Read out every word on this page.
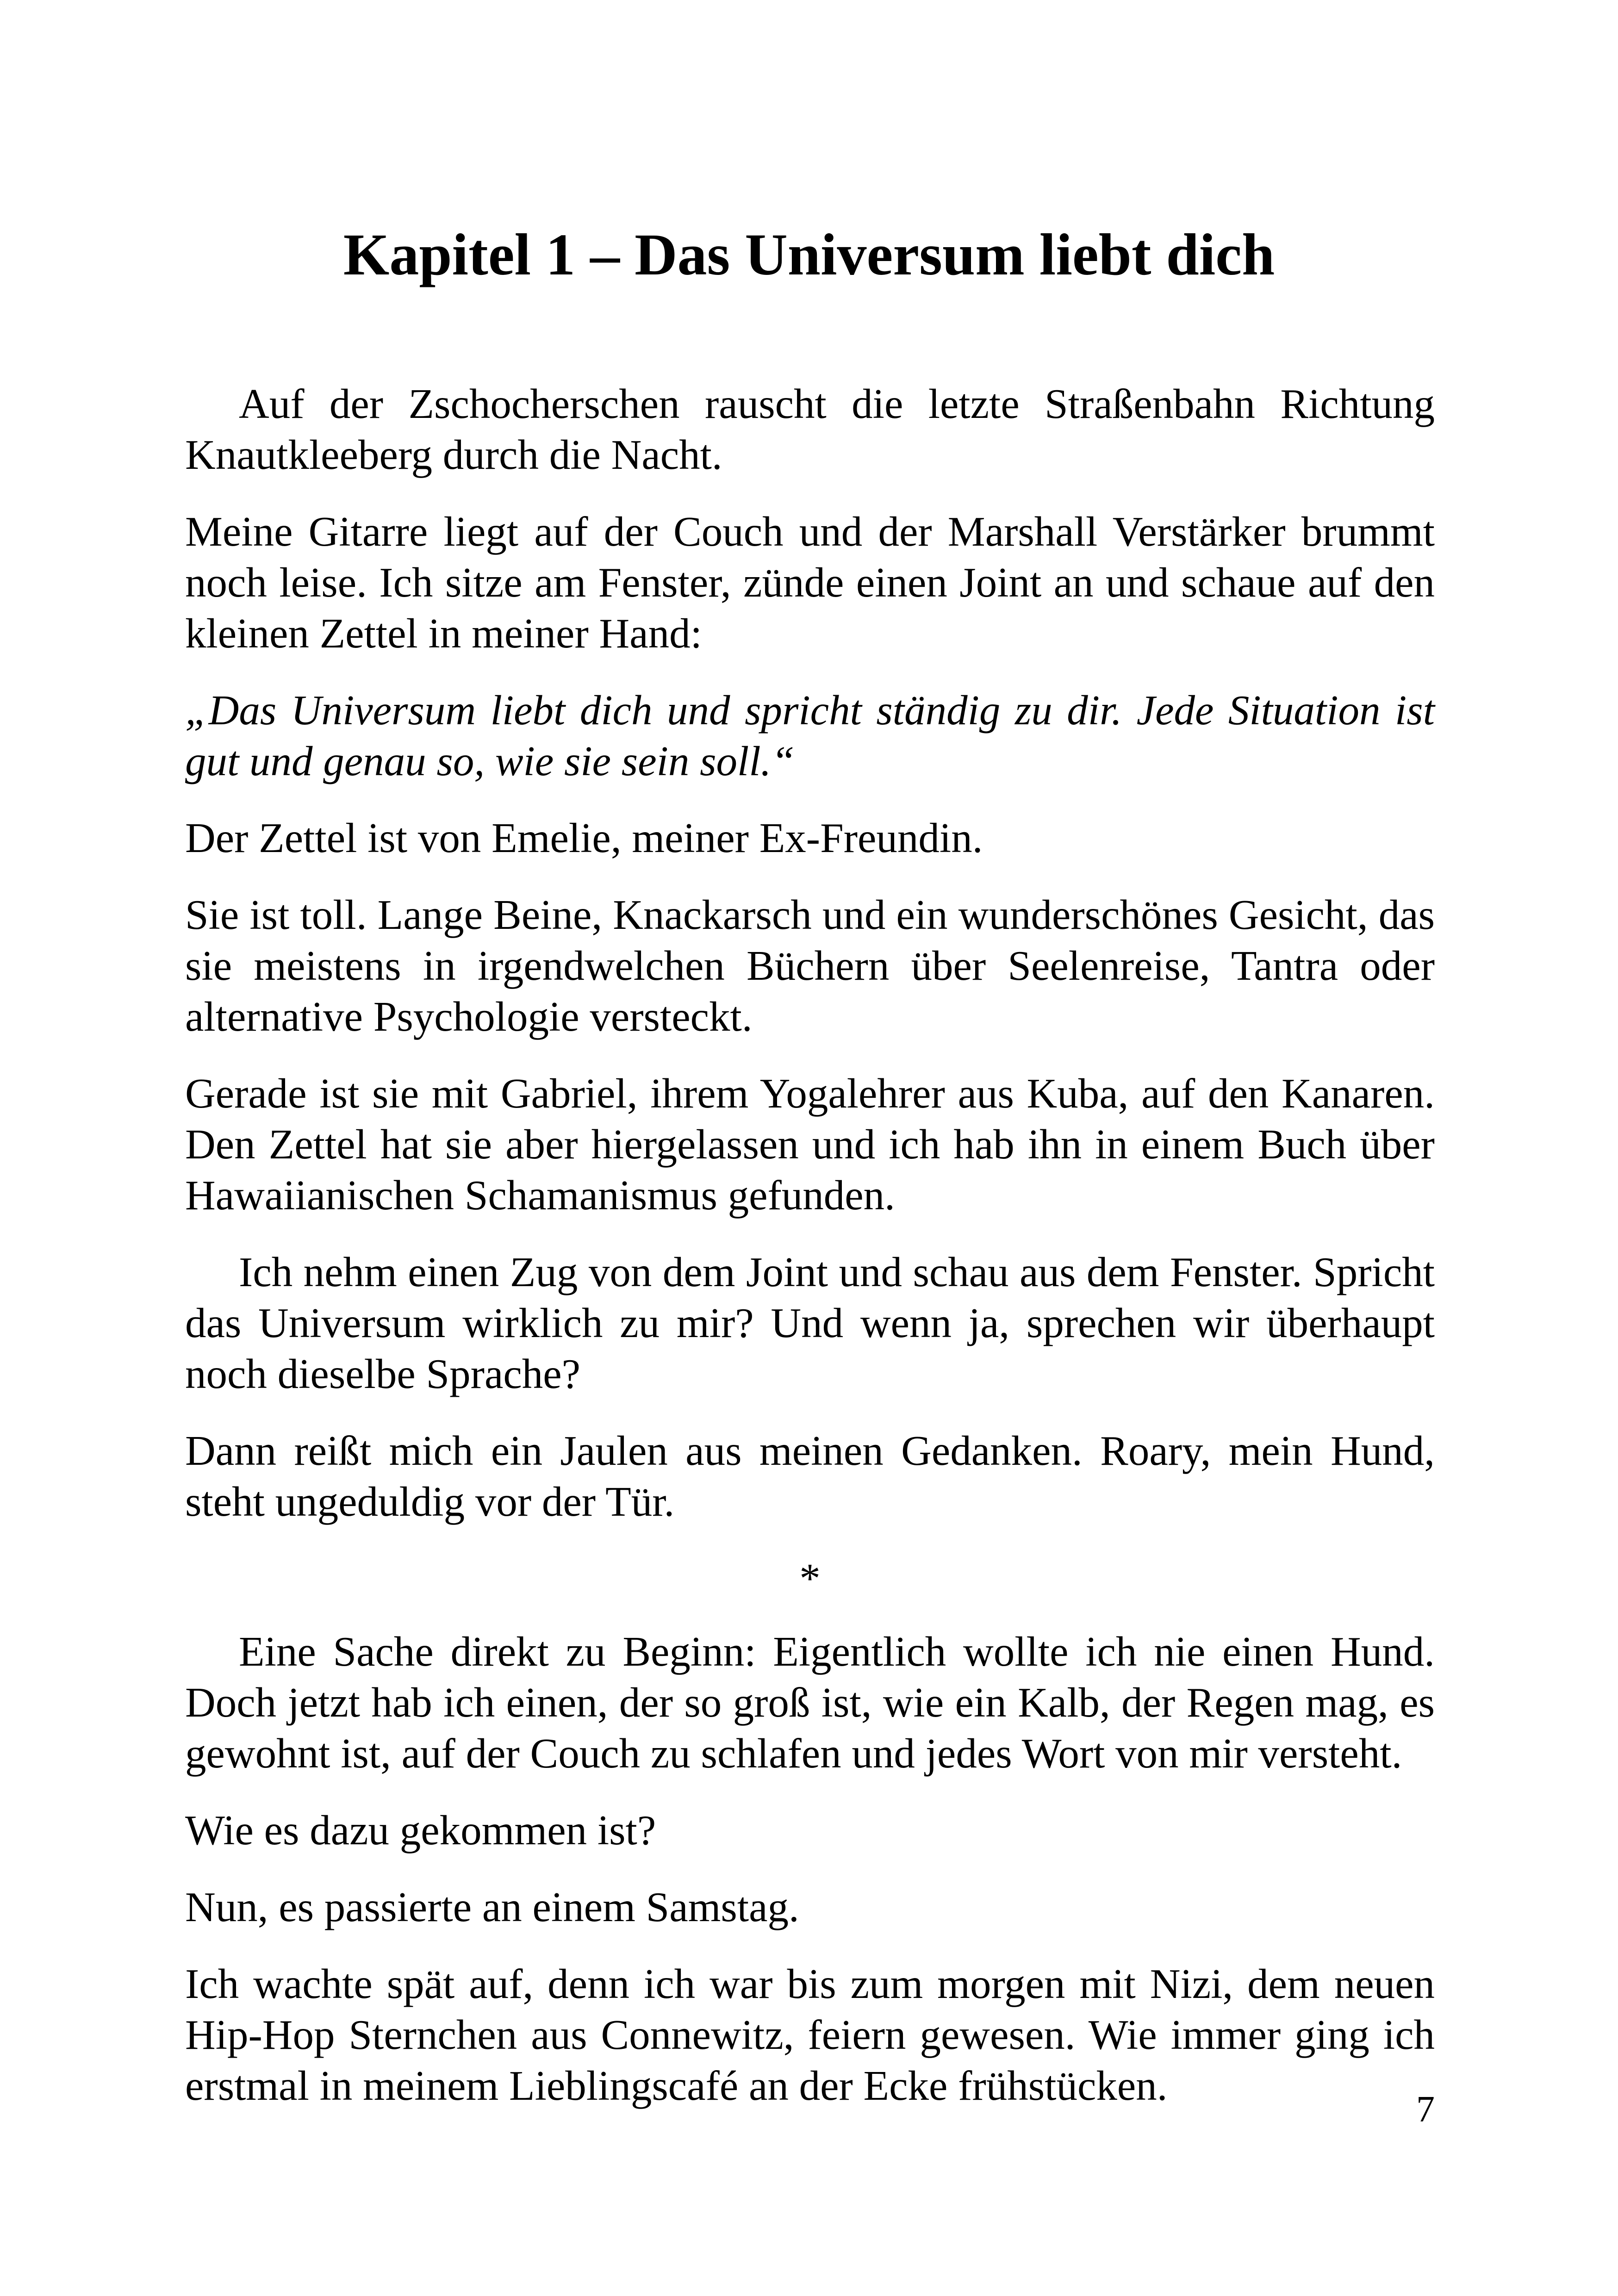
Kapitel 1 – Das Universum liebt dich

Auf der Zschocherschen rauscht die letzte Straßenbahn Richtung Knautkleeberg durch die Nacht.

Meine Gitarre liegt auf der Couch und der Marshall Verstärker brummt noch leise. Ich sitze am Fenster, zünde einen Joint an und schaue auf den kleinen Zettel in meiner Hand:

„Das Universum liebt dich und spricht ständig zu dir. Jede Situation ist gut und genau so, wie sie sein soll.“

Der Zettel ist von Emelie, meiner Ex-Freundin.

Sie ist toll. Lange Beine, Knackarsch und ein wunderschönes Gesicht, das sie meistens in irgendwelchen Büchern über Seelenreise, Tantra oder alternative Psychologie versteckt.

Gerade ist sie mit Gabriel, ihrem Yogalehrer aus Kuba, auf den Kanaren. Den Zettel hat sie aber hiergelassen und ich hab ihn in einem Buch über Hawaiianischen Schamanismus gefunden.

Ich nehm einen Zug von dem Joint und schau aus dem Fenster. Spricht das Universum wirklich zu mir? Und wenn ja, sprechen wir überhaupt noch dieselbe Sprache?

Dann reißt mich ein Jaulen aus meinen Gedanken. Roary, mein Hund, steht ungeduldig vor der Tür.

*

Eine Sache direkt zu Beginn: Eigentlich wollte ich nie einen Hund. Doch jetzt hab ich einen, der so groß ist, wie ein Kalb, der Regen mag, es gewohnt ist, auf der Couch zu schlafen und jedes Wort von mir versteht.

Wie es dazu gekommen ist?

Nun, es passierte an einem Samstag.

Ich wachte spät auf, denn ich war bis zum morgen mit Nizi, dem neuen Hip-Hop Sternchen aus Connewitz, feiern gewesen. Wie immer ging ich erstmal in meinem Lieblingscafé an der Ecke frühstücken.

7
